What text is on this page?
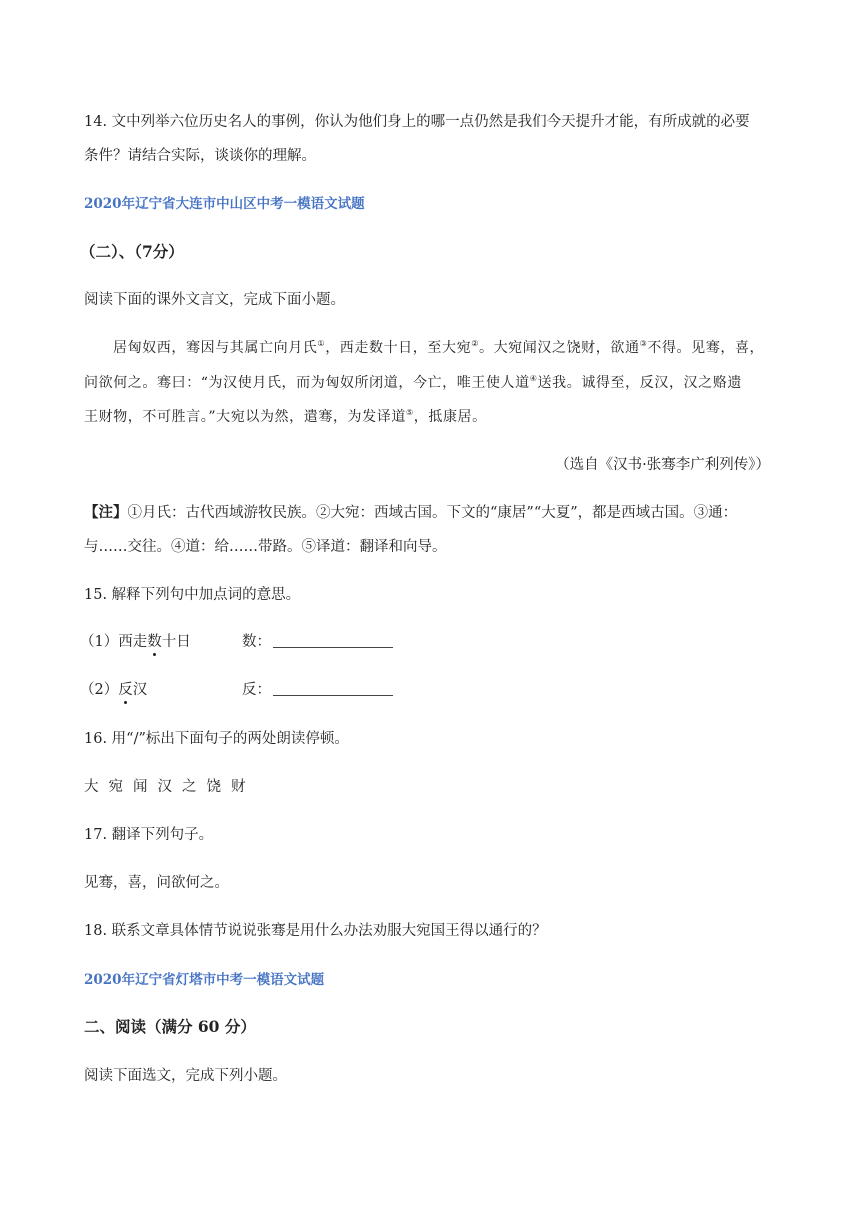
14. 文中列举六位历史名人的事例，你认为他们身上的哪一点仍然是我们今天提升才能，有所成就的必要
条件？请结合实际，谈谈你的理解。
2020年辽宁省大连市中山区中考一模语文试题
（二）、（7分）
阅读下面的课外文言文，完成下面小题。
居匈奴西，骞因与其属亡向月氏①，西走数十日，至大宛②。大宛闻汉之饶财，欲通③不得。见骞，喜，
问欲何之。骞曰：“为汉使月氏，而为匈奴所闭道，今亡，唯王使人道④送我。诚得至，反汉，汉之赂遗
王财物，不可胜言。”大宛以为然，遣骞，为发译道⑤，抵康居。
（选自《汉书·张骞李广利列传》）
【注】①月氏：古代西域游牧民族。②大宛：西域古国。下文的“康居”“大夏”，都是西域古国。③通：
与……交往。④道：给……带路。⑤译道：翻译和向导。
15. 解释下列句中加点词的意思。
（1）西走数十日	数：
（2）反汉	反：
16. 用“/”标出下面句子的两处朗读停顿。
大宛闻汉之饶财
17. 翻译下列句子。
见骞，喜，问欲何之。
18. 联系文章具体情节说说张骞是用什么办法劝服大宛国王得以通行的？
2020年辽宁省灯塔市中考一模语文试题
二、阅读（满分 60 分）
阅读下面选文，完成下列小题。
